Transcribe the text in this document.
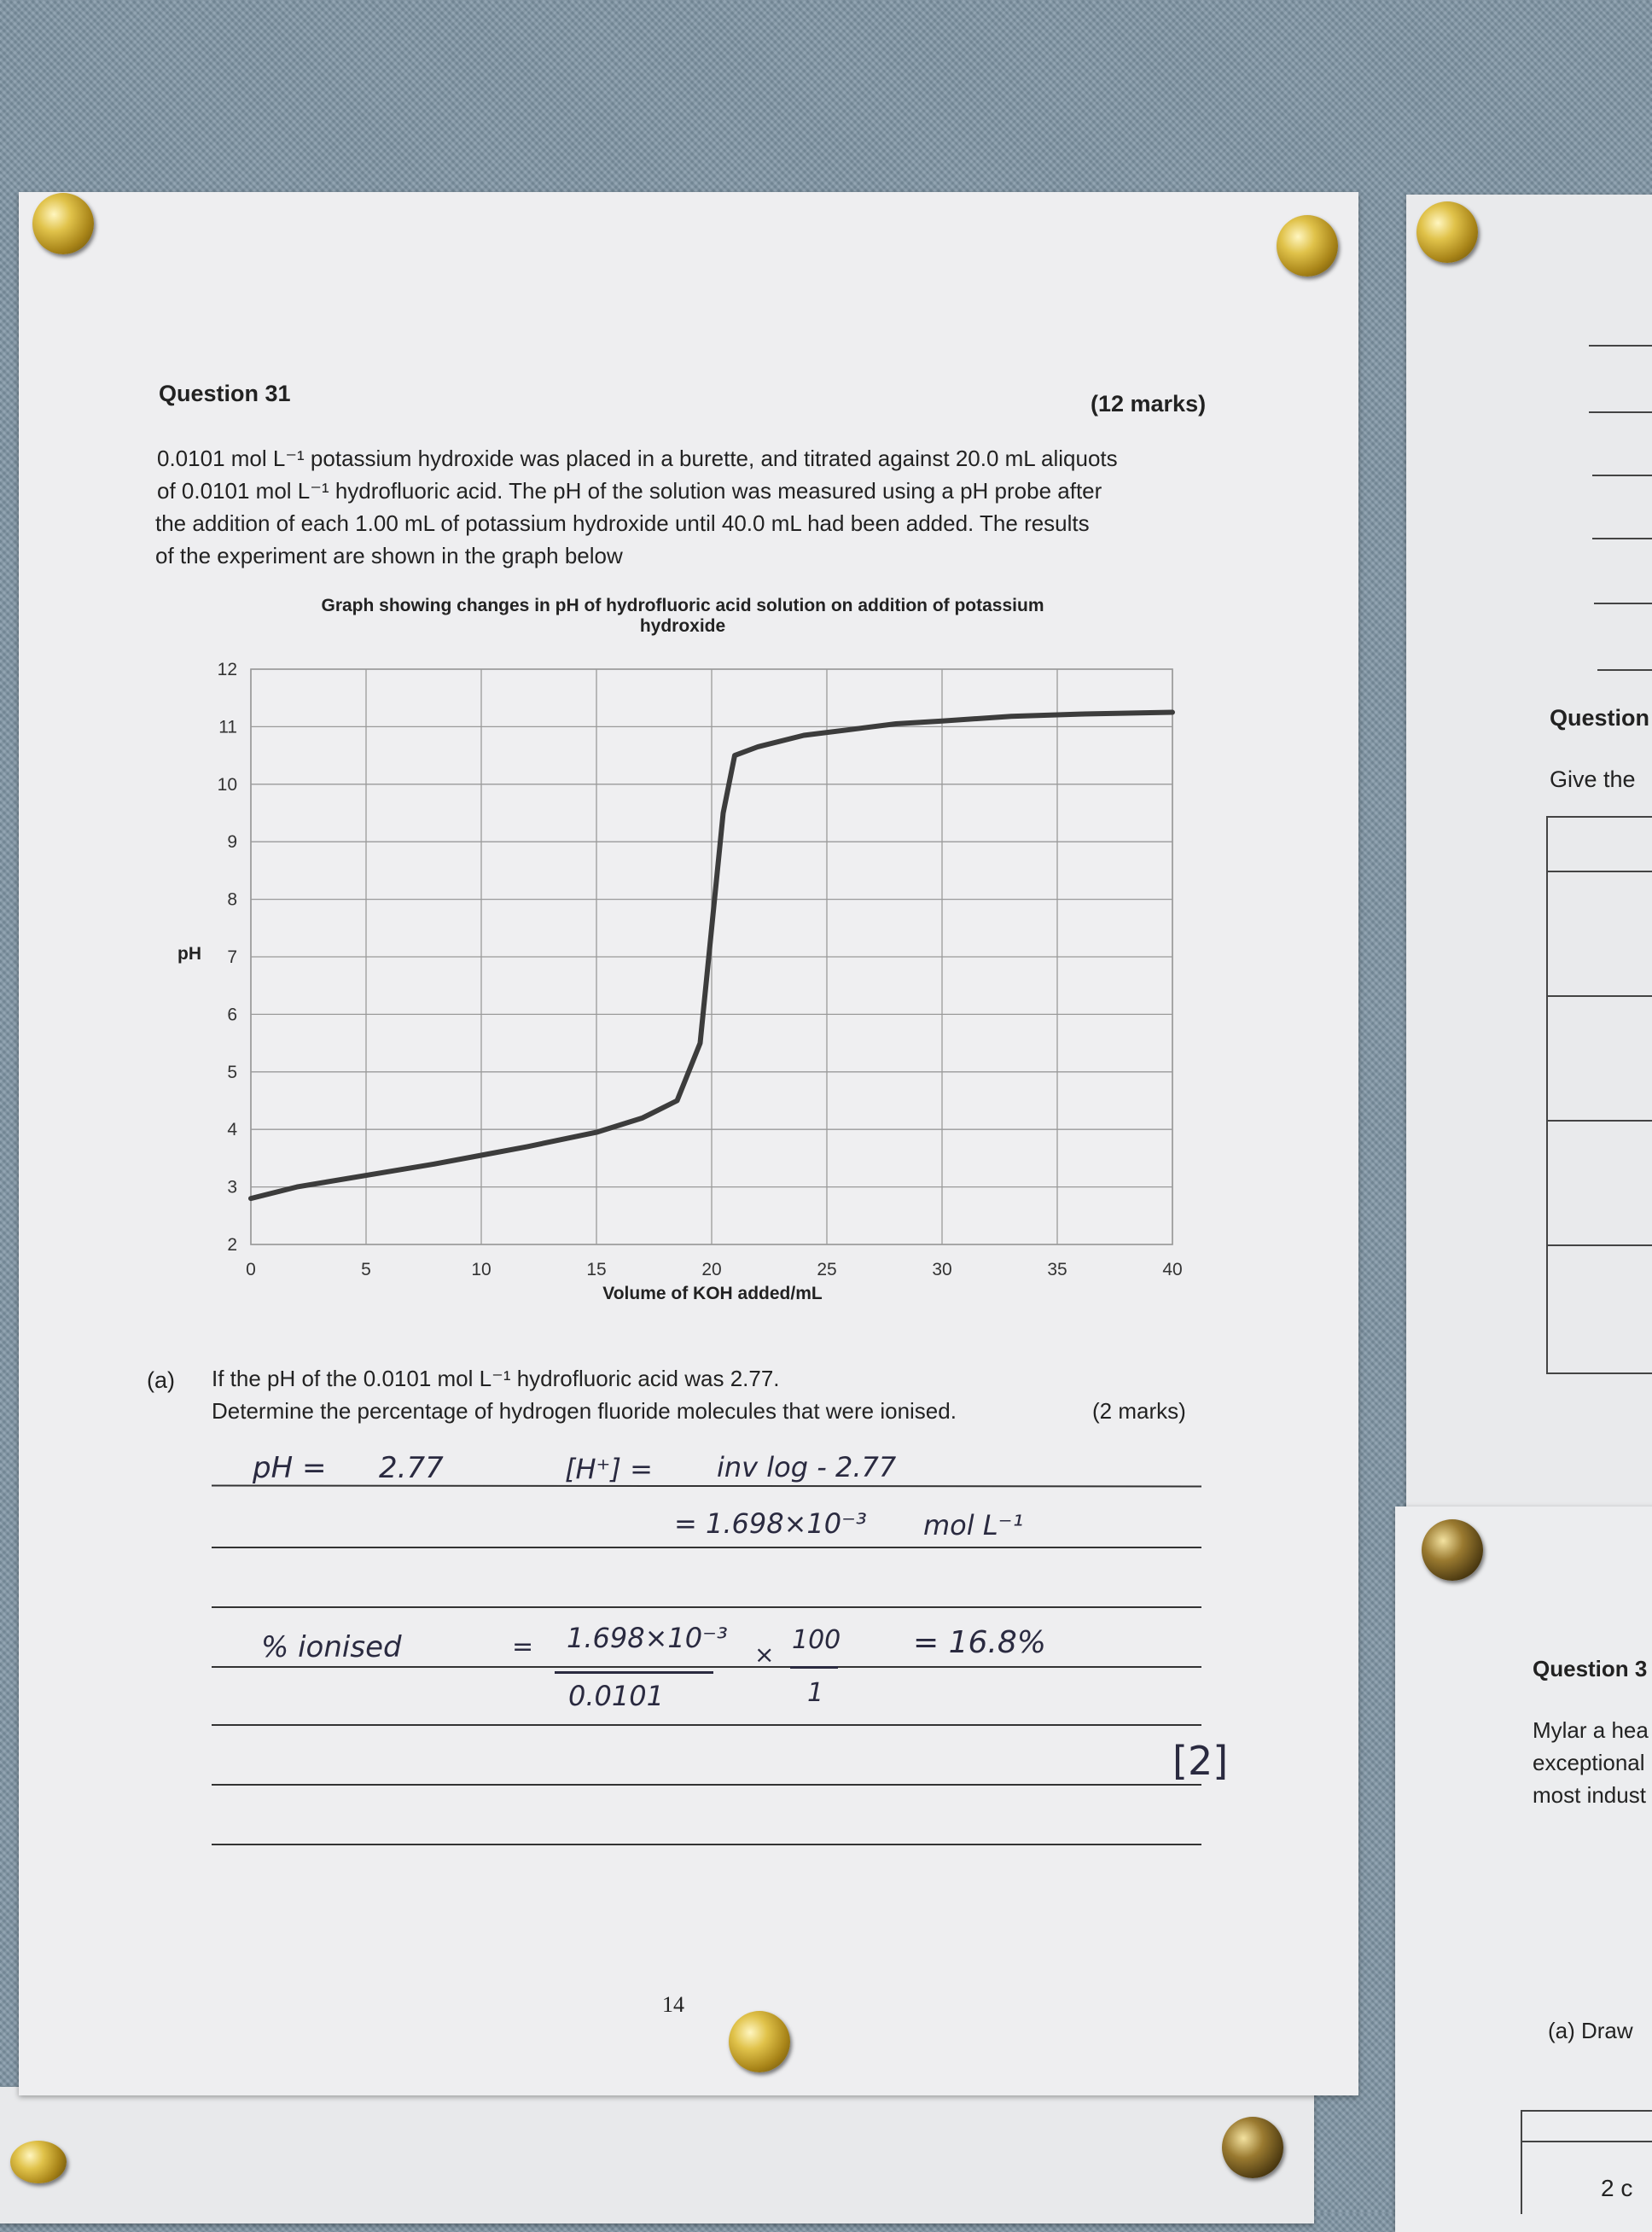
Question 31	(12 marks)
0.0101 mol L⁻¹ potassium hydroxide was placed in a burette, and titrated against 20.0 mL aliquots
of 0.0101 mol L⁻¹ hydrofluoric acid. The pH of the solution was measured using a pH probe after
the addition of each 1.00 mL of potassium hydroxide until 40.0 mL had been added. The results
of the experiment are shown in the graph below
Graph showing changes in pH of hydrofluoric acid solution on addition of potassium
hydroxide
0	5	10	15	20	25	30	35	40
2
3
4
5
6
7
8
9
10
11
12
pH
Volume of KOH added/mL
(a) If the pH of the 0.0101 mol L⁻¹ hydrofluoric acid was 2.77.
Determine the percentage of hydrogen fluoride molecules that were ionised.	(2 marks)
pH = 2.77	[H⁺] = inv log - 2.77
= 1.698×10⁻³ mol L⁻¹
% ionised	= 1.698×10⁻³
0.0101
× 100
1
= 16.8%
[2]
14
Question
Give the
Question 3
Mylar a hea
exceptional
most indust
(a) Draw
2 c
